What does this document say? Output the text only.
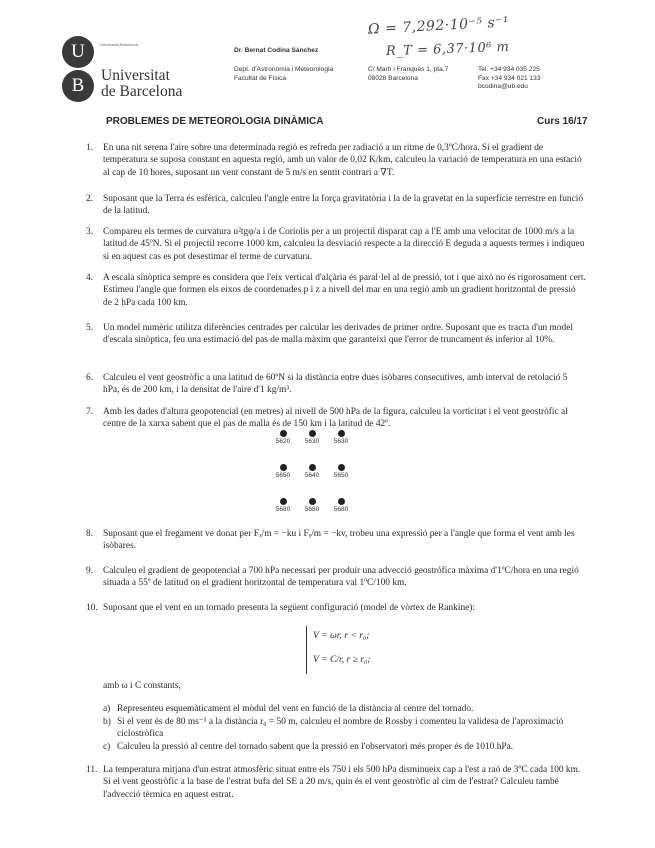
Ω = 7,292·10⁻⁵ s⁻¹
R_T = 6,37·10⁶ m
U
B
Universitat Barcelona
Universitat de Barcelona
Dr. Bernat Codina Sánchez
Dept. d'Astronomia i Meteorologia
Facultat de Física
C/ Martí i Franquès 1, pta.7
08028 Barcelona
Tel. +34 934 035 225
Fax +34 934 021 133
bcodina@ub.edu
PROBLEMES DE METEOROLOGIA DINÀMICA	Curs 16/17
1.	En una nit serena l'aire sobre una determinada regió es refreda per radiació a un ritme de 0,3ºC/hora. Si el gradient de temperatura se suposa constant en aquesta regió, amb un valor de 0,02 K/km, calculeu la variació de temperatura en una estació al cap de 10 hores, suposant un vent constant de 5 m/s en sentit contrari a ∇T.
2.	Suposant que la Terra és esfèrica, calculeu l'angle entre la força gravitatòria i la de la gravetat en la superfície terrestre en funció de la latitud.
3.	Compareu els termes de curvatura u²tgφ/a i de Coriolis per a un projectil disparat cap a l'E amb una velocitat de 1000 m/s a la latitud de 45ºN. Si el projectil recorre 1000 km, calculeu la desviació respecte a la direcció E deguda a aquests termes i indiqueu si en aquest cas es pot desestimar el terme de curvatura.
4.	A escala sinòptica sempre es considera que l'eix vertical d'alçària és paral·lel al de pressió, tot i que això no és rigorosament cert. Estimeu l'angle que formen els eixos de coordenades p i z a nivell del mar en una regió amb un gradient horitzontal de pressió de 2 hPa cada 100 km.
5.	Un model numèric utilitza diferències centrades per calcular les derivades de primer ordre. Suposant que es tracta d'un model d'escala sinòptica, feu una estimació del pas de malla màxim que garanteixi que l'error de truncament és inferior al 10%.
6.	Calculeu el vent geostròfic a una latitud de 60ºN si la distància entre dues isòbares consecutives, amb interval de retolació 5 hPa, és de 200 km, i la densitat de l'aire d'1 kg/m³.
7.	Amb les dades d'altura geopotencial (en metres) al nivell de 500 hPa de la figura, calculeu la vorticitat i el vent geostròfic al centre de la xarxa sabent que el pas de malla és de 150 km i la latitud de 42º.
5620	5630	5630
5650	5640	5650
5680	5680	5680
8.	Suposant que el fregament ve donat per Fₓ/m = −ku i Fᵧ/m = −kv, trobeu una expressió per a l'angle que forma el vent amb les isòbares.
9.	Calculeu el gradient de geopotencial a 700 hPa necessari per produir una advecció geostròfica màxima d'1ºC/hora en una regió situada a 55º de latitud on el gradient horitzontal de temperatura val 1ºC/100 km.
10. Suposant que el vent en un tornado presenta la següent configuració (model de vòrtex de Rankine):
V = ωr, r < r₀;
V = C/r, r ≥ r₀;
amb ω i C constants,
a) Representeu esquemàticament el mòdul del vent en funció de la distància al centre del tornado.
b) Si el vent és de 80 ms⁻¹ a la distància r₀ = 50 m, calculeu el nombre de Rossby i comenteu la validesa de l'aproximació ciclostròfica
c) Calculeu la pressió al centre del tornado sabent que la pressió en l'observatori més proper és de 1010 hPa.
11. La temperatura mitjana d'un estrat atmosfèric situat entre els 750 i els 500 hPa disminueix cap a l'est a raó de 3ºC cada 100 km. Si el vent geostròfic a la base de l'estrat bufa del SE a 20 m/s, quin és el vent geostròfic al cim de l'estrat? Calculeu també l'advecció tèrmica en aquest estrat.
